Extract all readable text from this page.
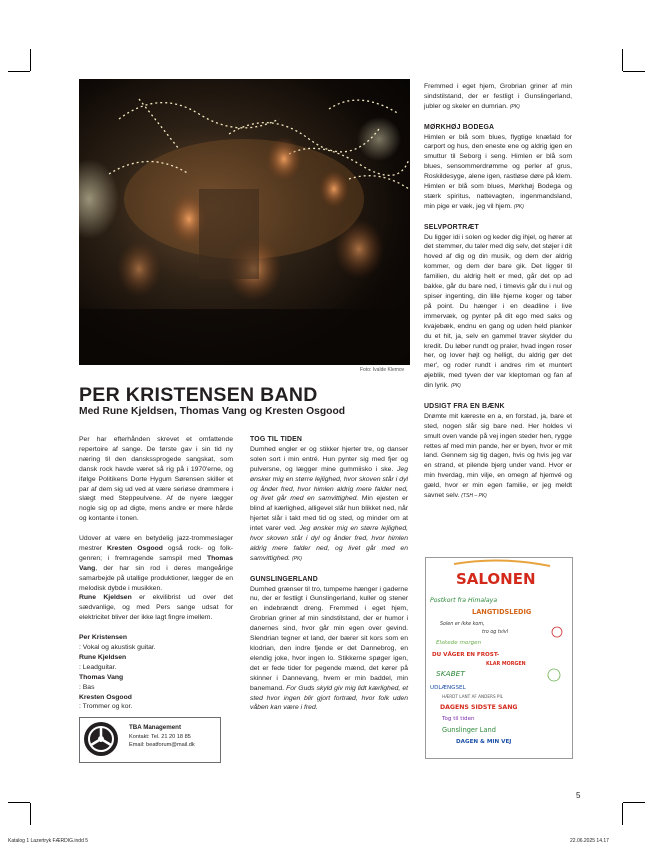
Foto: Ivalde Klemov
PER KRISTENSEN BAND
Med Rune Kjeldsen, Thomas Vang og Kresten Osgood

Per har efterhånden skrevet et omfattende repertoire af sange. De første gav i sin tid ny næring til den danskssprogede sangskat, som dansk rock havde været så rig på i 1970'erne, og ifølge Politikens Dorte Hygum Sørensen skiller et par af dem sig ud ved at være seriøse drømmere i slægt med Steppeulvene. Af de nyere lægger nogle sig op ad digte, mens andre er mere hårde og kontante i tonen.

Udover at være en betydelig jazz-trommeslager mestrer Kresten Osgood også rock- og folk-genren; i fremragende samspil med Thomas Vang, der har sin rod i deres mangeårige samarbejde på utallige produktioner, lægger de en melodisk dybde i musikken.
Rune Kjeldsen er ekvilibrist ud over det sædvanlige, og med Pers sange udsat for elektricitet bliver der ikke lagt fingre imellem.

Per Kristensen
: Vokal og akustisk guitar.
Rune Kjeldsen
: Leadguitar.
Thomas Vang
: Bas
Kresten Osgood
: Trommer og kor.
TBA Management
Kontakt: Tel. 21 20 18 85
Email: beatforum@mail.dk
TOG TIL TIDEN

Dumhed engler er og stikker hjerter tre, og danser solen sort i min entré. Hun pynter sig med fjer og pulversne, og lægger mine gummiisko i ske. Jeg ønsker mig en større lejlighed, hvor skoven står i dyl og ånder fred, hvor himlen aldrig mere falder ned, og livet går med en samvittighed. Min ejesten er blind af kærlighed, alligevel slår hun blikket ned, når hjertet slår i takt med tid og sted, og minder om at intet varer ved. Jeg ønsker mig en større lejlighed, hvor skoven står i dyl og ånder fred, hvor himlen aldrig mere falder ned, og livet går med en samvittighed. (PK)

GUNSLINGERLAND

Dumhed grænser til tro, tumpeme hænger i gaderne nu, der er festligt i Gunslingerland, kuller og stener en indebrændt dreng. Fremmed i eget hjem, Grobrian griner af min sindstilstand, der er humor i danernes sind, hvor går min egen over gevind. Slendrian tegner et land, der bærer sit kors som en klodrian, den indre fjende er det Dannebrog, en elendig joke, hvor ingen lo. Stikkerne spøger igen, det er fede tider for pegende mænd, det kører på skinner i Dannevang, hvem er min baddel, min banemand. For Guds skyld giv mig lidt kærlighed, et sted hvor ingen blir gjort fortræd, hvor folk uden våben kan være i fred.

Fremmed i eget hjem, Grobrian griner af min sindstilstand, der er festligt i Gunslingerland, jubler og skeler en dumrian. (PK)

MØRKHØJ BODEGA

Himlen er blå som blues, flygtige knæfald for carport og hus, den eneste ene og aldrig igen en smuttur til Seborg i seng. Himlen er blå som blues, sensommerdrømme og perler af grus, Roskildesyge, alene igen, rastløse døre på klem. Himlen er blå som blues, Mørkhøj Bodega og stærk spiritus, nattevagten, ingenmandsland, min pige er væk, jeg vil hjem. (PK)

SELVPORTRÆT

Du ligger idi i solen og keder dig ihjel, og hører at det stemmer, du taler med dig selv, det støjer i dit hoved af dig og din musik, og dem der aldrig kommer, og dem der bare gik. Det ligger til familien, du aldrig helt er med, går det op ad bakke, går du bare ned, i timevis går du i nul og spiser ingenting, din lille hjerne koger og taber på point. Du hænger i en deadline i live immervæk, og pynter på dit ego med saks og kvajebæk, endnu en gang og uden held planker du et hit, ja, selv en gammel traver skylder du kredit. Du løber rundt og praler, hvad ingen roser her, og lover højt og helligt, du aldrig gør det mer', og roder rundt i andres rim et muntert øjeblik, med tyven der var kleptoman og fan af din lyrik. (PK)

UDSIGT FRA EN BÆNK

Drømte mit kæreste en a, en forstad, ja, bare et sted, nogen slår sig bare ned. Her holdes vi smult oven vande på vej ingen steder hen, rygge rettes af med min pande, her er byen, hvor er mit land. Gennem sig tig dagen, hvis og hvis jeg var en strand, et pilende bjerg under vand. Hvor er min hverdag, min vilje, en omegn af hjemvé og gæld, hvor er min egen familie, er jeg meldt savnet selv. (TSH – PK)

SALONEN
Postkort fra Himalaya
LANGTIDSLEDIG
Solen er ikke kom,
tro og tvivl
Elskede morgen
DU VÅGER EN FROST-
KLAR MORGEN
SKABET
UDLÆNGSEL
HÆRDT LANT AF ANDERS PIL
DAGENS SIDSTE SANG
Tog til tiden
Gunslinger Land
DAGEN & MIN VEJ
5
Katalog 1 Lazertryk FÆRDIG.indd 5	22.06.2025 14.17
